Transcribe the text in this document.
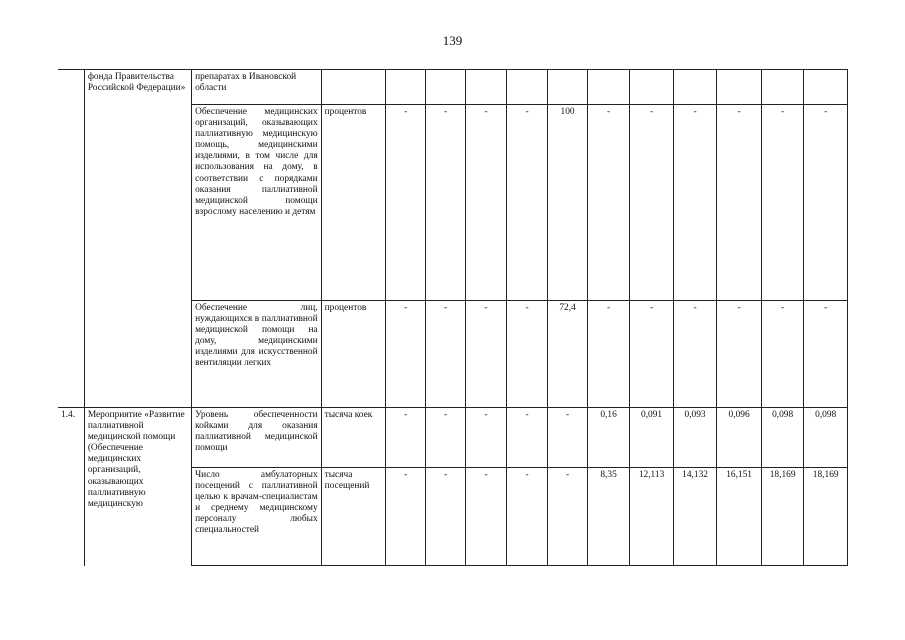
139
	фонда Правительства Российской Федерации»	препаратах в Ивановской области												
		Обеспечение медицинских организаций, оказывающих паллиативную медицинскую помощь, медицинскими изделиями, в том числе для использования на дому, в соответствии с порядками оказания паллиативной медицинской помощи взрослому населению и детям	процентов	-	-	-	-	100	-	-	-	-	-	-
		Обеспечение лиц, нуждающихся в паллиативной медицинской помощи на дому, медицинскими изделиями для искусственной вентиляции легких	процентов	-	-	-	-	72,4	-	-	-	-	-	-
1.4.	Мероприятие «Развитие паллиативной медицинской помощи (Обеспечение медицинских организаций, оказывающих паллиативную медицинскую	Уровень обеспеченности койками для оказания паллиативной медицинской помощи	тысяча коек	-	-	-	-	-	0,16	0,091	0,093	0,096	0,098	0,098
		Число амбулаторных посещений с паллиативной целью к врачам-специалистам и среднему медицинскому персоналу любых специальностей	тысяча посещений	-	-	-	-	-	8,35	12,113	14,132	16,151	18,169	18,169
